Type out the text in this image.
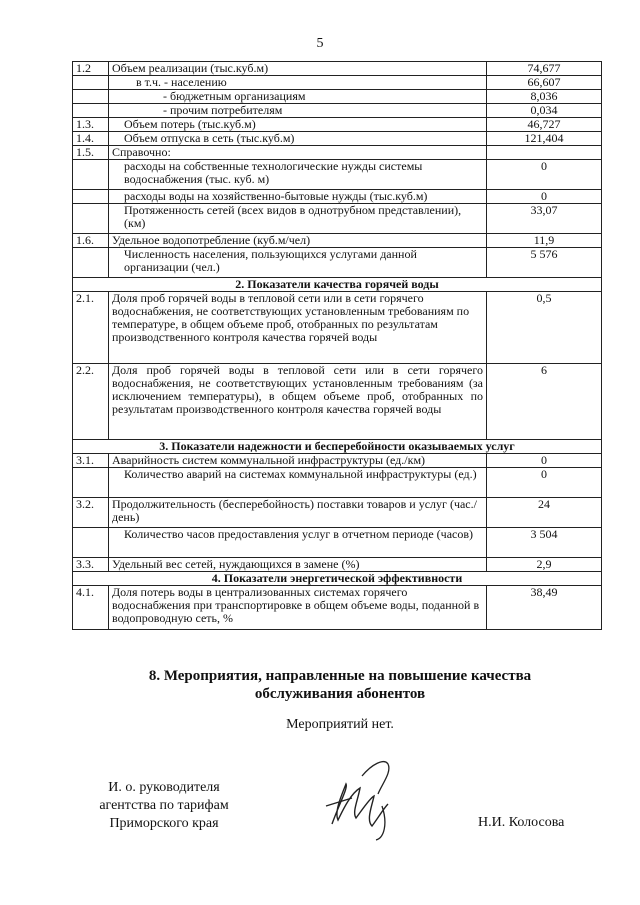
5
1.2	Объем реализации (тыс.куб.м)	74,677
	в т.ч. - населению	66,607
	- бюджетным организациям	8,036
	- прочим потребителям	0,034
1.3.	Объем потерь (тыс.куб.м)	46,727
1.4.	Объем отпуска в сеть (тыс.куб.м)	121,404
1.5.	Справочно:	
	расходы на собственные технологические нужды системы водоснабжения (тыс. куб. м)	0
	расходы воды на хозяйственно-бытовые нужды (тыс.куб.м)	0
	Протяженность сетей (всех видов в однотрубном представлении), (км)	33,07
1.6.	Удельное водопотребление (куб.м/чел)	11,9
	Численность населения, пользующихся услугами данной организации (чел.)	5 576
2. Показатели качества горячей воды		
2.1.	Доля проб горячей воды в тепловой сети или в сети горячего водоснабжения, не соответствующих установленным требованиям по температуре, в общем объеме проб, отобранных по результатам производственного контроля качества горячей воды	0,5
2.2.	Доля проб горячей воды в тепловой сети или в сети горячего водоснабжения, не соответствующих установленным требованиям (за исключением температуры), в общем объеме проб, отобранных по результатам производственного контроля качества горячей воды	6
3. Показатели надежности и бесперебойности оказываемых услуг		
3.1.	Аварийность систем коммунальной инфраструктуры (ед./км)	0
	Количество аварий на системах коммунальной инфраструктуры (ед.)	0
3.2.	Продолжительность (бесперебойность) поставки товаров и услуг (час./день)	24
	Количество часов предоставления услуг в отчетном периоде (часов)	3 504
3.3.	Удельный вес сетей, нуждающихся в замене (%)	2,9
4. Показатели энергетической эффективности		
4.1.	Доля потерь воды в централизованных системах горячего водоснабжения при транспортировке в общем объеме воды, поданной в водопроводную сеть, %	38,49
8. Мероприятия, направленные на повышение качества
обслуживания абонентов
Мероприятий нет.
И. о. руководителя
агентства по тарифам
Приморского края	Н.И. Колосова
